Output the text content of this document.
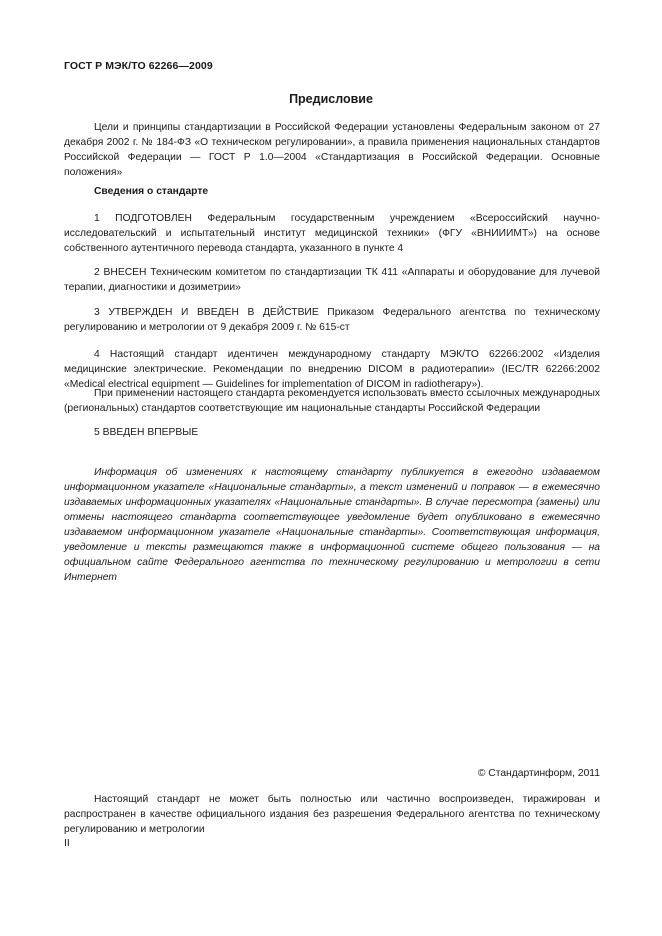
ГОСТ Р МЭК/ТО 62266—2009
Предисловие

Цели и принципы стандартизации в Российской Федерации установлены Федеральным законом от 27 декабря 2002 г. № 184-ФЗ «О техническом регулировании», а правила применения национальных стандартов Российской Федерации — ГОСТ Р 1.0—2004 «Стандартизация в Российской Федерации. Основные положения»

Сведения о стандарте

1 ПОДГОТОВЛЕН Федеральным государственным учреждением «Всероссийский научно-исследовательский и испытательный институт медицинской техники» (ФГУ «ВНИИИМТ») на основе собственного аутентичного перевода стандарта, указанного в пункте 4

2 ВНЕСЕН Техническим комитетом по стандартизации ТК 411 «Аппараты и оборудование для лучевой терапии, диагностики и дозиметрии»

3 УТВЕРЖДЕН И ВВЕДЕН В ДЕЙСТВИЕ Приказом Федерального агентства по техническому регулированию и метрологии от 9 декабря 2009 г. № 615-ст

4 Настоящий стандарт идентичен международному стандарту МЭК/ТО 62266:2002 «Изделия медицинские электрические. Рекомендации по внедрению DICOM в радиотерапии» (IEC/TR 62266:2002 «Medical electrical equipment — Guidelines for implementation of DICOM in radiotherapy»).

При применении настоящего стандарта рекомендуется использовать вместо ссылочных международных (региональных) стандартов соответствующие им национальные стандарты Российской Федерации

5 ВВЕДЕН ВПЕРВЫЕ

Информация об изменениях к настоящему стандарту публикуется в ежегодно издаваемом информационном указателе «Национальные стандарты», а текст изменений и поправок — в ежемесячно издаваемых информационных указателях «Национальные стандарты». В случае пересмотра (замены) или отмены настоящего стандарта соответствующее уведомление будет опубликовано в ежемесячно издаваемом информационном указателе «Национальные стандарты». Соответствующая информация, уведомление и тексты размещаются также в информационной системе общего пользования — на официальном сайте Федерального агентства по техническому регулированию и метрологии в сети Интернет

© Стандартинформ, 2011

Настоящий стандарт не может быть полностью или частично воспроизведен, тиражирован и распространен в качестве официального издания без разрешения Федерального агентства по техническому регулированию и метрологии

II
